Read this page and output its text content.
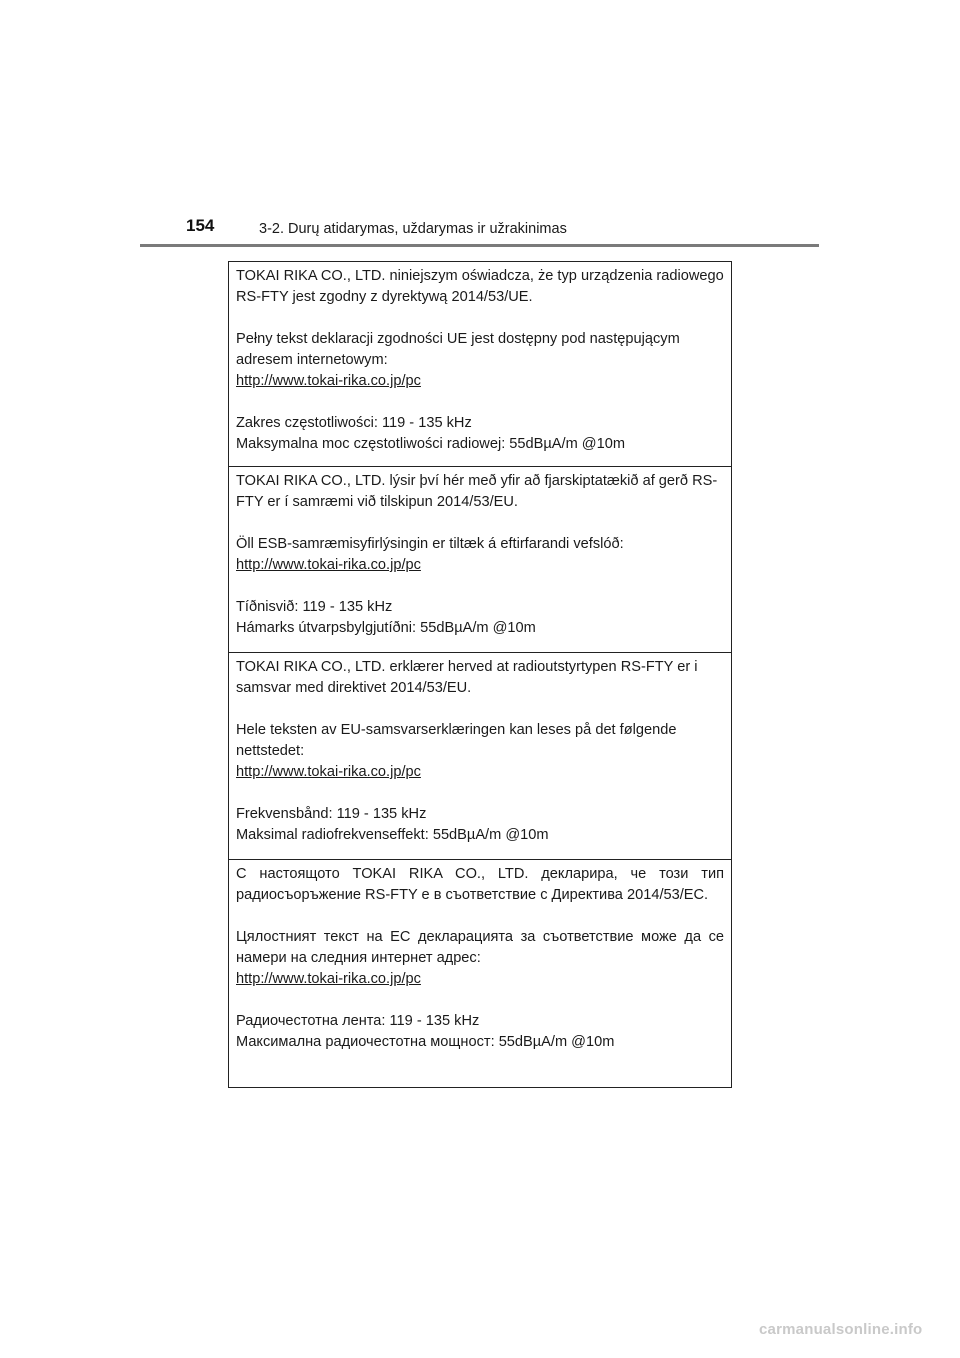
154	3-2. Durų atidarymas, uždarymas ir užrakinimas

TOKAI RIKA CO., LTD. niniejszym oświadcza, że typ urządzenia radiowego RS-FTY jest zgodny z dyrektywą 2014/53/UE.

Pełny tekst deklaracji zgodności UE jest dostępny pod następującym adresem internetowym:

http://www.tokai-rika.co.jp/pc

Zakres częstotliwości: 119 - 135 kHz

Maksymalna moc częstotliwości radiowej: 55dBµA/m @10m

TOKAI RIKA CO., LTD. lýsir því hér með yfir að fjarskiptatækið af gerð RS-FTY er í samræmi við tilskipun 2014/53/EU.

Öll ESB-samræmisyfirlýsingin er tiltæk á eftirfarandi vefslóð:

http://www.tokai-rika.co.jp/pc

Tíðnisvið: 119 - 135 kHz

Hámarks útvarpsbylgjutíðni: 55dBµA/m @10m

TOKAI RIKA CO., LTD. erklærer herved at radioutstyrtypen RS-FTY er i samsvar med direktivet 2014/53/EU.

Hele teksten av EU-samsvarserklæringen kan leses på det følgende nettstedet:

http://www.tokai-rika.co.jp/pc

Frekvensbånd: 119 - 135 kHz

Maksimal radiofrekvenseffekt: 55dBµA/m @10m

С настоящото TOKAI RIKA CO., LTD. декларира, че този тип радиосъоръжение RS-FTY е в съответствие с Директива 2014/53/ЕС.

Цялостният текст на ЕС декларацията за съответствие може да се намери на следния интернет адрес:

http://www.tokai-rika.co.jp/pc

Радиочестотна лента: 119 - 135 kHz

Максимална радиочестотна мощност: 55dBµA/m @10m

carmanualsonline.info
